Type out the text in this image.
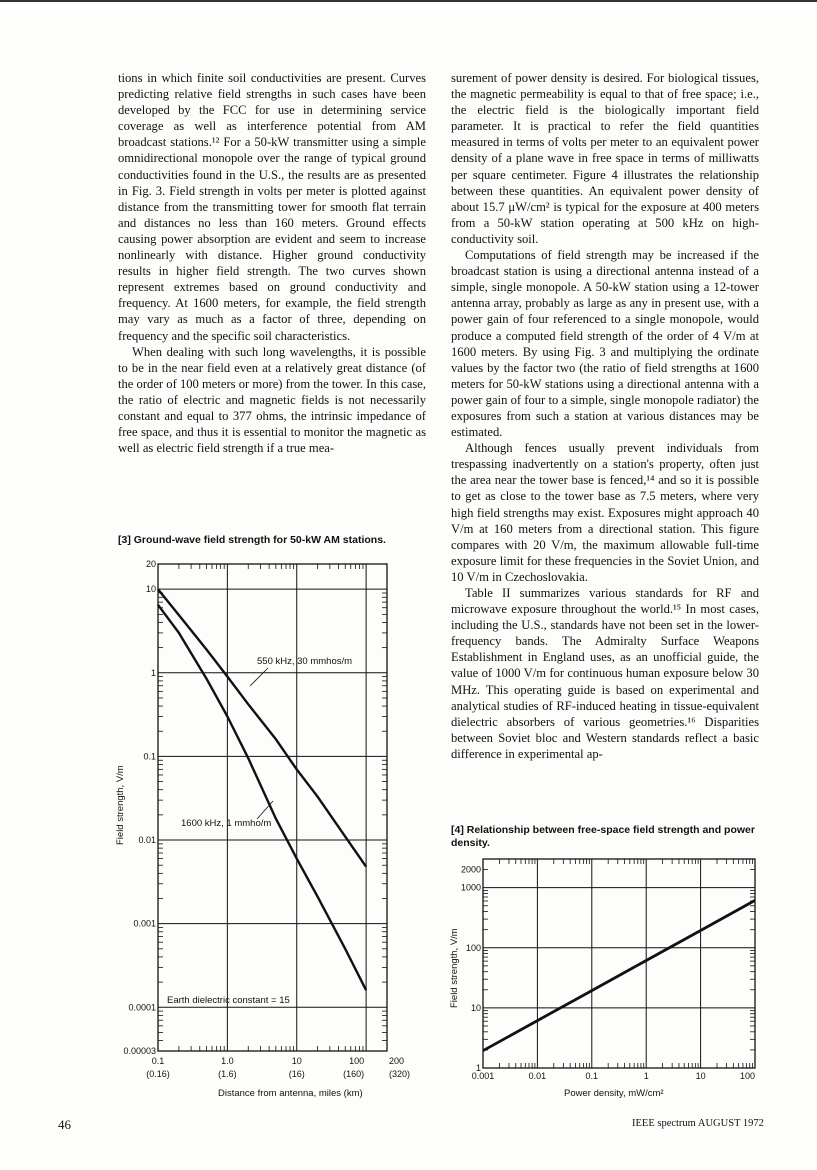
tions in which finite soil conductivities are present. Curves predicting relative field strengths in such cases have been developed by the FCC for use in determining service coverage as well as interference potential from AM broadcast stations.¹² For a 50-kW transmitter using a simple omnidirectional monopole over the range of typical ground conductivities found in the U.S., the results are as presented in Fig. 3. Field strength in volts per meter is plotted against distance from the transmitting tower for smooth flat terrain and distances no less than 160 meters. Ground effects causing power absorption are evident and seem to increase nonlinearly with distance. Higher ground conductivity results in higher field strength. The two curves shown represent extremes based on ground conductivity and frequency. At 1600 meters, for example, the field strength may vary as much as a factor of three, depending on frequency and the specific soil characteristics.

When dealing with such long wavelengths, it is possible to be in the near field even at a relatively great distance (of the order of 100 meters or more) from the tower. In this case, the ratio of electric and magnetic fields is not necessarily constant and equal to 377 ohms, the intrinsic impedance of free space, and thus it is essential to monitor the magnetic as well as electric field strength if a true mea-

surement of power density is desired. For biological tissues, the magnetic permeability is equal to that of free space; i.e., the electric field is the biologically important field parameter. It is practical to refer the field quantities measured in terms of volts per meter to an equivalent power density of a plane wave in free space in terms of milliwatts per square centimeter. Figure 4 illustrates the relationship between these quantities. An equivalent power density of about 15.7 μW/cm² is typical for the exposure at 400 meters from a 50-kW station operating at 500 kHz on high-conductivity soil.

Computations of field strength may be increased if the broadcast station is using a directional antenna instead of a simple, single monopole. A 50-kW station using a 12-tower antenna array, probably as large as any in present use, with a power gain of four referenced to a single monopole, would produce a computed field strength of the order of 4 V/m at 1600 meters. By using Fig. 3 and multiplying the ordinate values by the factor two (the ratio of field strengths at 1600 meters for 50-kW stations using a directional antenna with a power gain of four to a simple, single monopole radiator) the exposures from such a station at various distances may be estimated.

Although fences usually prevent individuals from trespassing inadvertently on a station's property, often just the area near the tower base is fenced,¹⁴ and so it is possible to get as close to the tower base as 7.5 meters, where very high field strengths may exist. Exposures might approach 40 V/m at 160 meters from a directional station. This figure compares with 20 V/m, the maximum allowable full-time exposure limit for these frequencies in the Soviet Union, and 10 V/m in Czechoslovakia.

Table II summarizes various standards for RF and microwave exposure throughout the world.¹⁵ In most cases, including the U.S., standards have not been set in the lower-frequency bands. The Admiralty Surface Weapons Establishment in England uses, as an unofficial guide, the value of 1000 V/m for continuous human exposure below 30 MHz. This operating guide is based on experimental and analytical studies of RF-induced heating in tissue-equivalent dielectric absorbers of various geometries.¹⁶ Disparities between Soviet bloc and Western standards reflect a basic difference in experimental ap-

[3] Ground-wave field strength for 50-kW AM stations.
[4] Relationship between free-space field strength and power density.
20
10
1
0.1
0.01
0.001
0.0001
0.00003
0.1	1.0	10	100	200
(0.16)	(1.6)	(16)	(160)	(320)
550 kHz, 30 mmhos/m
1600 kHz, 1 mmho/m
Earth dielectric constant = 15
Field strength, V/m
Distance from antenna, miles (km)
2000
1000
100
10
1
0.001	0.01	0.1	1	10	100
Field strength, V/m
Power density, mW/cm²
46	IEEE spectrum AUGUST 1972
